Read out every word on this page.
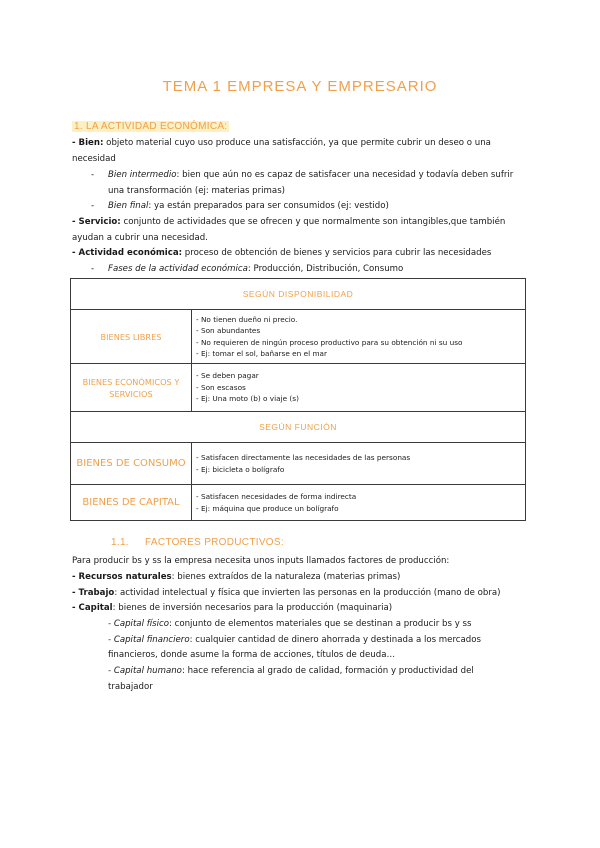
TEMA 1 EMPRESA Y EMPRESARIO
1. LA ACTIVIDAD ECONÓMICA:
- Bien: objeto material cuyo uso produce una satisfacción, ya que permite cubrir un deseo o una
necesidad
- Bien intermedio: bien que aún no es capaz de satisfacer una necesidad y todavía deben sufrir
una transformación (ej: materias primas)
- Bien final: ya están preparados para ser consumidos (ej: vestido)
- Servicio: conjunto de actividades que se ofrecen y que normalmente son intangibles,que también
ayudan a cubrir una necesidad.
- Actividad económica: proceso de obtención de bienes y servicios para cubrir las necesidades
- Fases de la actividad económica: Producción, Distribución, Consumo
SEGÚN DISPONIBILIDAD	
BIENES LIBRES	- No tienen dueño ni precio.
- Son abundantes
- No requieren de ningún proceso productivo para su obtención ni su uso
- Ej: tomar el sol, bañarse en el mar

BIENES ECONÓMICOS Y SERVICIOS	- Se deben pagar
- Son escasos
- Ej: Una moto (b) o viaje (s)

SEGÚN FUNCIÓN	
BIENES DE CONSUMO	- Satisfacen directamente las necesidades de las personas
- Ej: bicicleta o bolígrafo

BIENES DE CAPITAL	- Satisfacen necesidades de forma indirecta
- Ej: máquina que produce un bolígrafo
1.1. FACTORES PRODUCTIVOS:
Para producir bs y ss la empresa necesita unos inputs llamados factores de producción:
- Recursos naturales: bienes extraídos de la naturaleza (materias primas)
- Trabajo: actividad intelectual y física que invierten las personas en la producción (mano de obra)
- Capital: bienes de inversión necesarios para la producción (maquinaria)
- Capital físico: conjunto de elementos materiales que se destinan a producir bs y ss
- Capital financiero: cualquier cantidad de dinero ahorrada y destinada a los mercados
financieros, donde asume la forma de acciones, títulos de deuda…
- Capital humano: hace referencia al grado de calidad, formación y productividad del
trabajador
